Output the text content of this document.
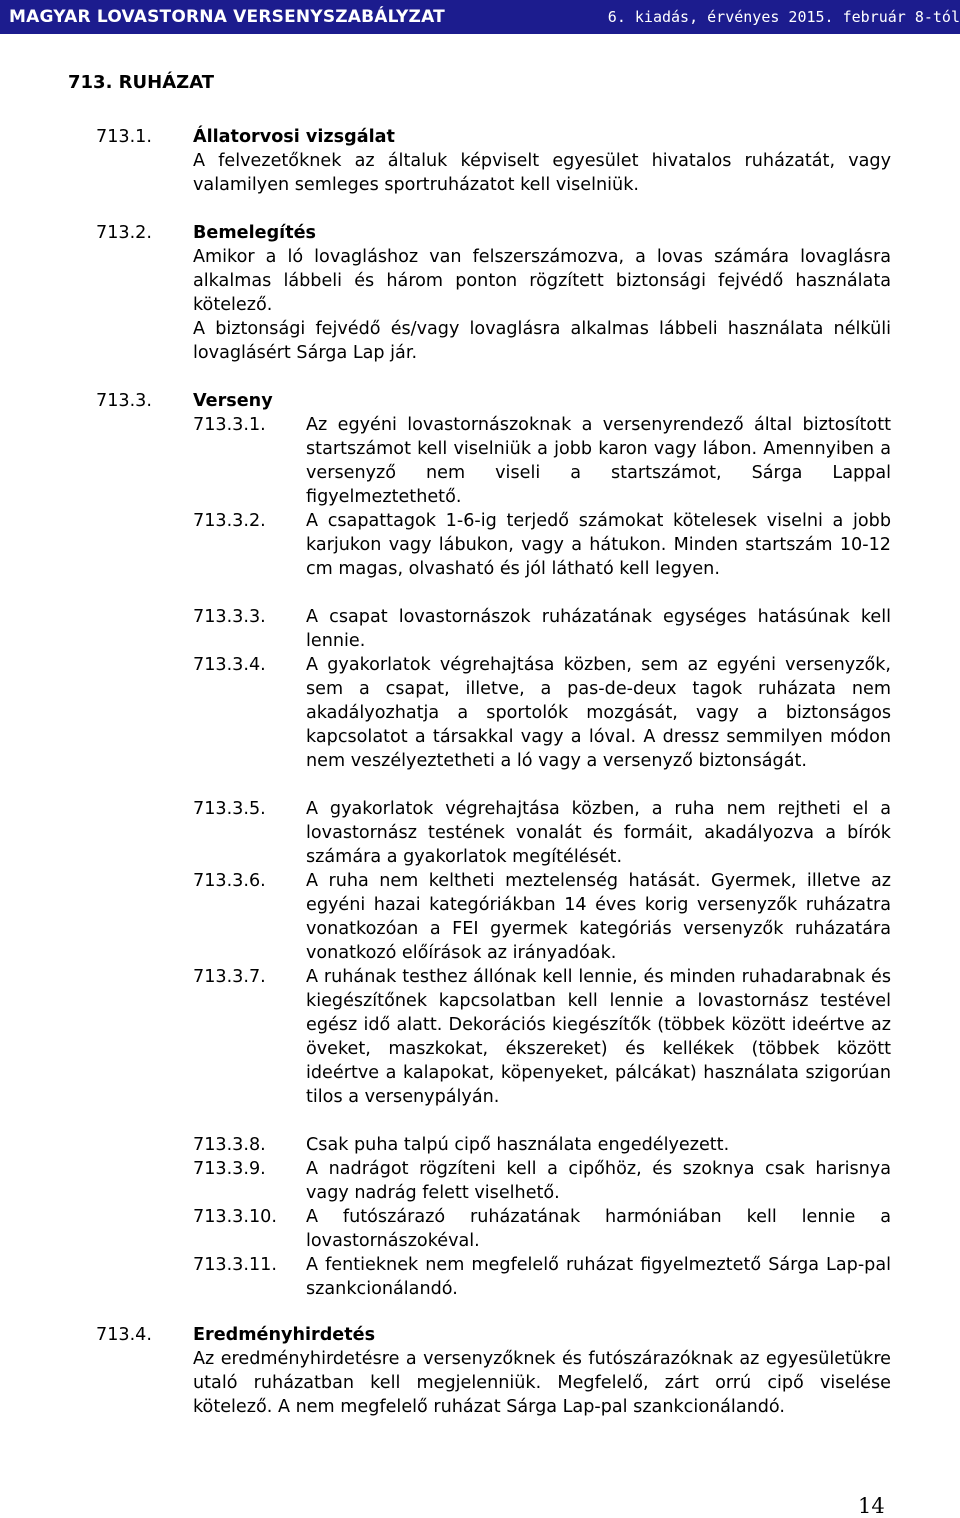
MAGYAR LOVASTORNA VERSENYSZABÁLYZAT	6. kiadás, érvényes 2015. február 8-tól
713. RUHÁZAT
713.1. Állatorvosi vizsgálat
A felvezetőknek az általuk képviselt egyesület hivatalos ruházatát, vagy valamilyen semleges sportruházatot kell viselniük.
713.2. Bemelegítés
Amikor a ló lovagláshoz van felszerszámozva, a lovas számára lovaglásra alkalmas lábbeli és három ponton rögzített biztonsági fejvédő használata kötelező.
A biztonsági fejvédő és/vagy lovaglásra alkalmas lábbeli használata nélküli lovaglásért Sárga Lap jár.
713.3. Verseny
713.3.1. Az egyéni lovastornászoknak a versenyrendező által biztosított startszámot kell viselniük a jobb karon vagy lábon. Amennyiben a versenyző nem viseli a startszámot, Sárga Lappal figyelmeztethető.
713.3.2. A csapattagok 1-6-ig terjedő számokat kötelesek viselni a jobb karjukon vagy lábukon, vagy a hátukon. Minden startszám 10-12 cm magas, olvasható és jól látható kell legyen.
713.3.3. A csapat lovastornászok ruházatának egységes hatásúnak kell lennie.
713.3.4. A gyakorlatok végrehajtása közben, sem az egyéni versenyzők, sem a csapat, illetve, a pas-de-deux tagok ruházata nem akadályozhatja a sportolók mozgását, vagy a biztonságos kapcsolatot a társakkal vagy a lóval. A dressz semmilyen módon nem veszélyeztetheti a ló vagy a versenyző biztonságát.
713.3.5. A gyakorlatok végrehajtása közben, a ruha nem rejtheti el a lovastornász testének vonalát és formáit, akadályozva a bírók számára a gyakorlatok megítélését.
713.3.6. A ruha nem keltheti meztelenség hatását. Gyermek, illetve az egyéni hazai kategóriákban 14 éves korig versenyzők ruházatra vonatkozóan a FEI gyermek kategóriás versenyzők ruházatára vonatkozó előírások az irányadóak.
713.3.7. A ruhának testhez állónak kell lennie, és minden ruhadarabnak és kiegészítőnek kapcsolatban kell lennie a lovastornász testével egész idő alatt. Dekorációs kiegészítők (többek között ideértve az öveket, maszkokat, ékszereket) és kellékek (többek között ideértve a kalapokat, köpenyeket, pálcákat) használata szigorúan tilos a versenypályán.
713.3.8. Csak puha talpú cipő használata engedélyezett.
713.3.9. A nadrágot rögzíteni kell a cipőhöz, és szoknya csak harisnya vagy nadrág felett viselhető.
713.3.10. A futószárazó ruházatának harmóniában kell lennie a lovastornászokéval.
713.3.11. A fentieknek nem megfelelő ruházat figyelmeztető Sárga Lap-pal szankcionálandó.
713.4. Eredményhirdetés
Az eredményhirdetésre a versenyzőknek és futószárazóknak az egyesületükre utaló ruházatban kell megjelenniük. Megfelelő, zárt orrú cipő viselése kötelező. A nem megfelelő ruházat Sárga Lap-pal szankcionálandó.
14
